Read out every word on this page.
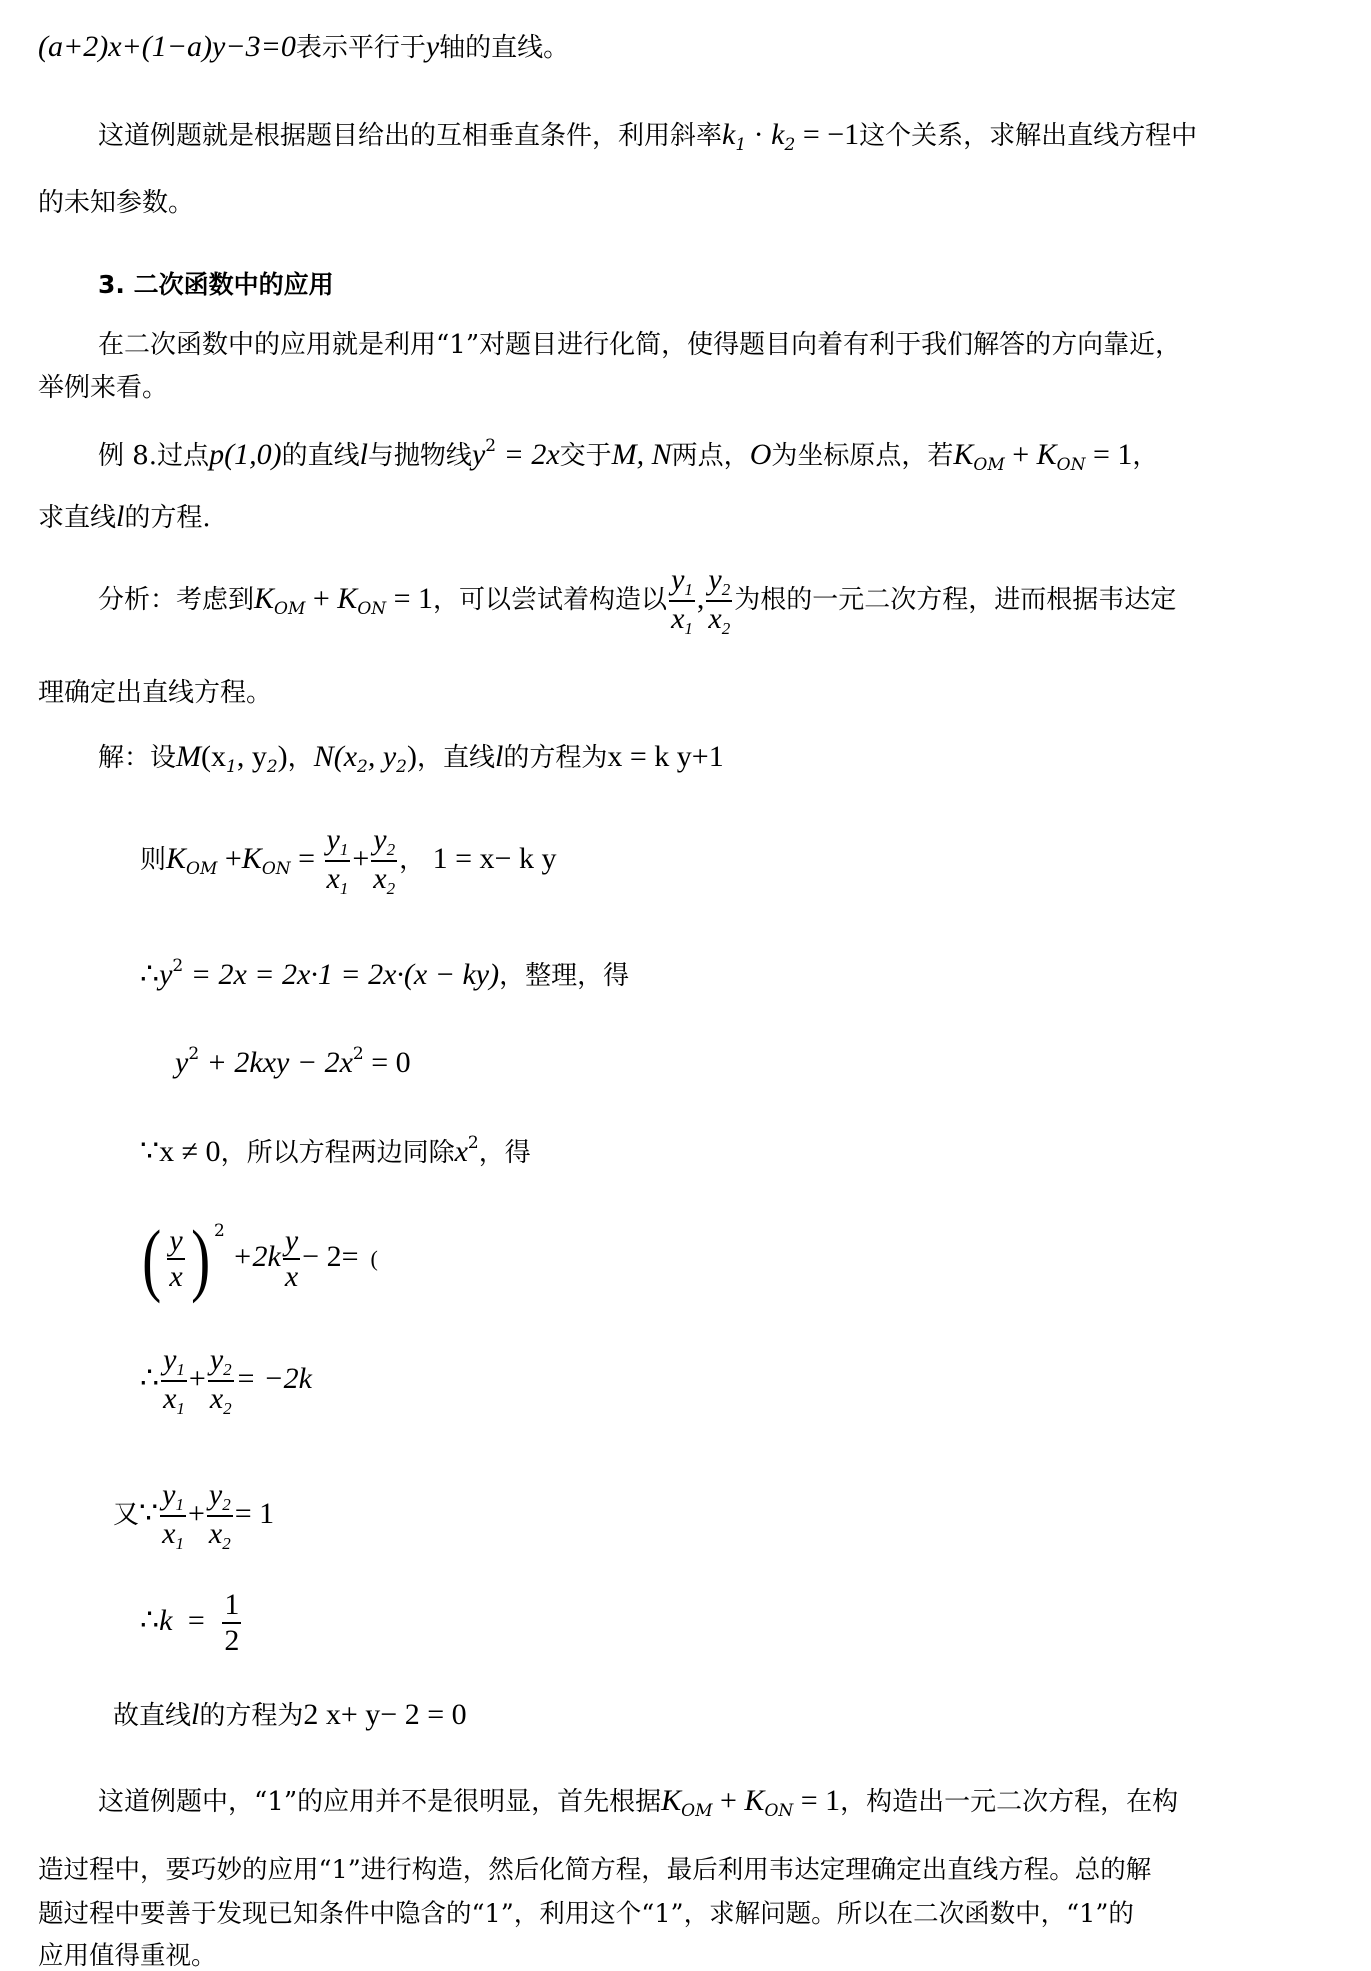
(a+2)x+(1−a)y−3=0表示平行于y轴的直线。
这道例题就是根据题目给出的互相垂直条件，利用斜率$k_1 \cdot k_2 = -1$这个关系，求解出直线方程中
的未知参数。
3. 二次函数中的应用
在二次函数中的应用就是利用“1”对题目进行化简，使得题目向着有利于我们解答的方向靠近，
举例来看。
例 8.过点p(1,0)的直线l与抛物线$y^2 = 2x$交于M, N两点，O为坐标原点，若$K_{OM} + K_{ON} = 1$，
求直线l的方程.
分析：考虑到$K_{OM} + K_{ON} = 1$，可以尝试着构造以 $\frac{y_1}{x_1}$ , $\frac{y_2}{x_2}$ 为根的一元二次方程，进而根据韦达定
理确定出直线方程。
解：设$M(x_1$, $y_2$)，$N(x_2$, $y_2$)，直线l的方程为x = k y+1
则$K_{OM} +K_{ON} = \frac{y_1}{x_1} + \frac{y_2}{x_2}$ ， 1 = x− k y
$\therefore y^2 = 2x = 2x\cdot 1 = 2x\cdot(x - ky)$，整理，得
$y^2 + 2kxy - 2x^2 = 0$
∵x ≠ 0，所以方程两边同除$x^2$，得
( $\frac{y}{x}$ ) $^2 +2k \frac{y}{x} - 2=$ (
∴ $\frac{y_1}{x_1} + \frac{y_2}{x_2} = -2k$
又∵ $\frac{y_1}{x_1} + \frac{y_2}{x_2} = 1$
∴k = $\frac{1}{2}$
故直线l的方程为2 x+ y− 2 = 0
这道例题中，“1”的应用并不是很明显，首先根据$K_{OM} + K_{ON} = 1$，构造出一元二次方程，在构
造过程中，要巧妙的应用“1”进行构造，然后化简方程，最后利用韦达定理确定出直线方程。总的解
题过程中要善于发现已知条件中隐含的“1”，利用这个“1”，求解问题。所以在二次函数中，“1”的
应用值得重视。
